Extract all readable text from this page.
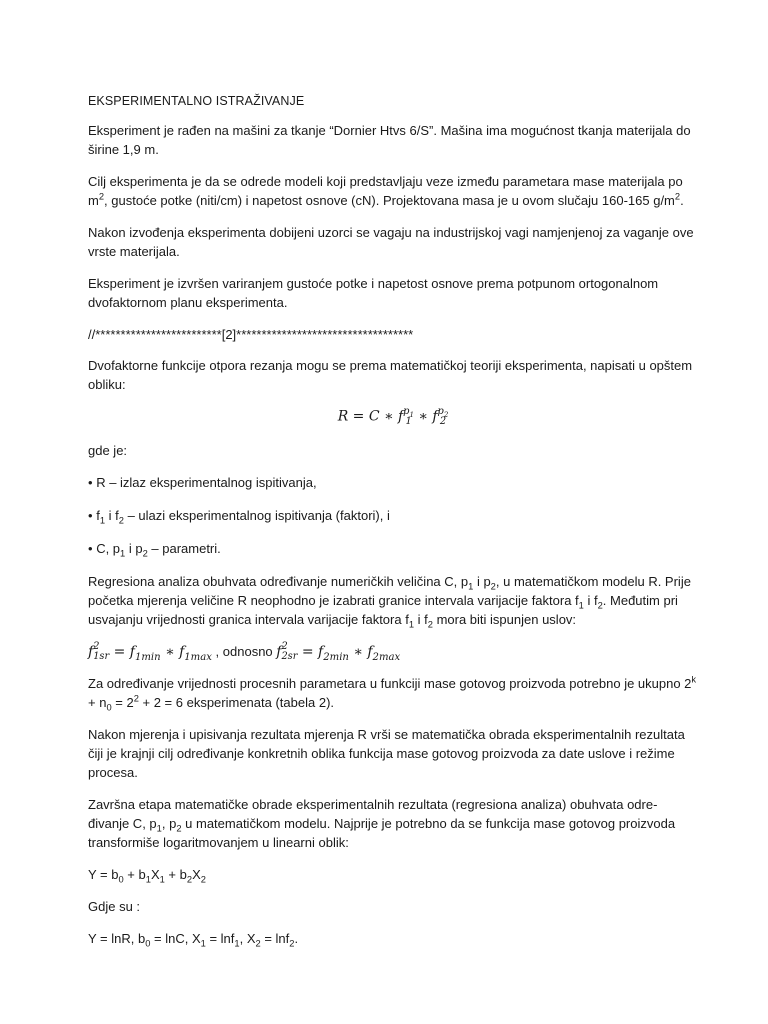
EKSPERIMENTALNO ISTRAŽIVANJE

Eksperiment je rađen na mašini za tkanje “Dornier Htvs 6/S”. Mašina ima mogućnost tkanja materijala do širine 1,9 m.

Cilj eksperimenta je da se odrede modeli koji predstavljaju veze između parametara mase materijala po $m^2$, gustoće potke (niti/cm) i napetost osnove (cN). Projektovana masa je u ovom slučaju 160-165 $g/m^2$.

Nakon izvođenja eksperimenta dobijeni uzorci se vagaju na industrijskoj vagi namjenjenoj za vaganje ove vrste materijala.

Eksperiment je izvršen variranjem gustoće potke i napetost osnove prema potpunom ortogonalnom dvofaktornom planu eksperimenta.

//*************************[2]***********************************

Dvofaktorne funkcije otpora rezanja mogu se prema matematičkoj teoriji eksperimenta, napisati u opštem obliku:

R = C ∗ f $p_1$
1 ∗ f $p_2$
2

gde je:

• R – izlaz eksperimentalnog ispitivanja,

• $f_1$ i $f_2$ – ulazi eksperimentalnog ispitivanja (faktori), i

• C, $p_1$ i $p_2$ – parametri.

Regresiona analiza obuhvata određivanje numeričkih veličina C, $p_1$ i $p_2$, u matematičkom modelu R. Prije početka mjerenja veličine R neophodno je izabrati granice intervala varijacije faktora $f_1$ i $f_2$. Međutim pri usvajanju vrijednosti granica intervala varijacije faktora $f_1$ i $f_2$ mora biti ispunjen uslov:

f 2
$1sr = f_{1min}$ ∗ $f_{1max}$ , odnosno f 2
$2sr = f_{2min}$ ∗ $f_{2max}$

Za određivanje vrijednosti procesnih parametara u funkciji mase gotovog proizvoda potrebno je ukupno $2^k + n_0 = 2^2 + 2 = 6$ eksperimenata (tabela 2).

Nakon mjerenja i upisivanja rezultata mjerenja R vrši se matematička obrada eksperimentalnih rezultata čiji je krajnji cilj određivanje konkretnih oblika funkcija mase gotovog proizvoda za date uslove i režime procesa.

Završna etapa matematičke obrade eksperimentalnih rezultata (regresiona analiza) obuhvata odre-đivanje C, $p_1$, $p_2$ u matematičkom modelu. Najprije je potrebno da se funkcija mase gotovog proizvoda transformiše logaritmovanjem u linearni oblik:

$Y = b_0 + b_1X_1 + b_2X_2$

Gdje su :

Y = lnR, $b_0 = \ln C$, $X_1 = \ln f_1$, $X_2 = \ln f_2$.
